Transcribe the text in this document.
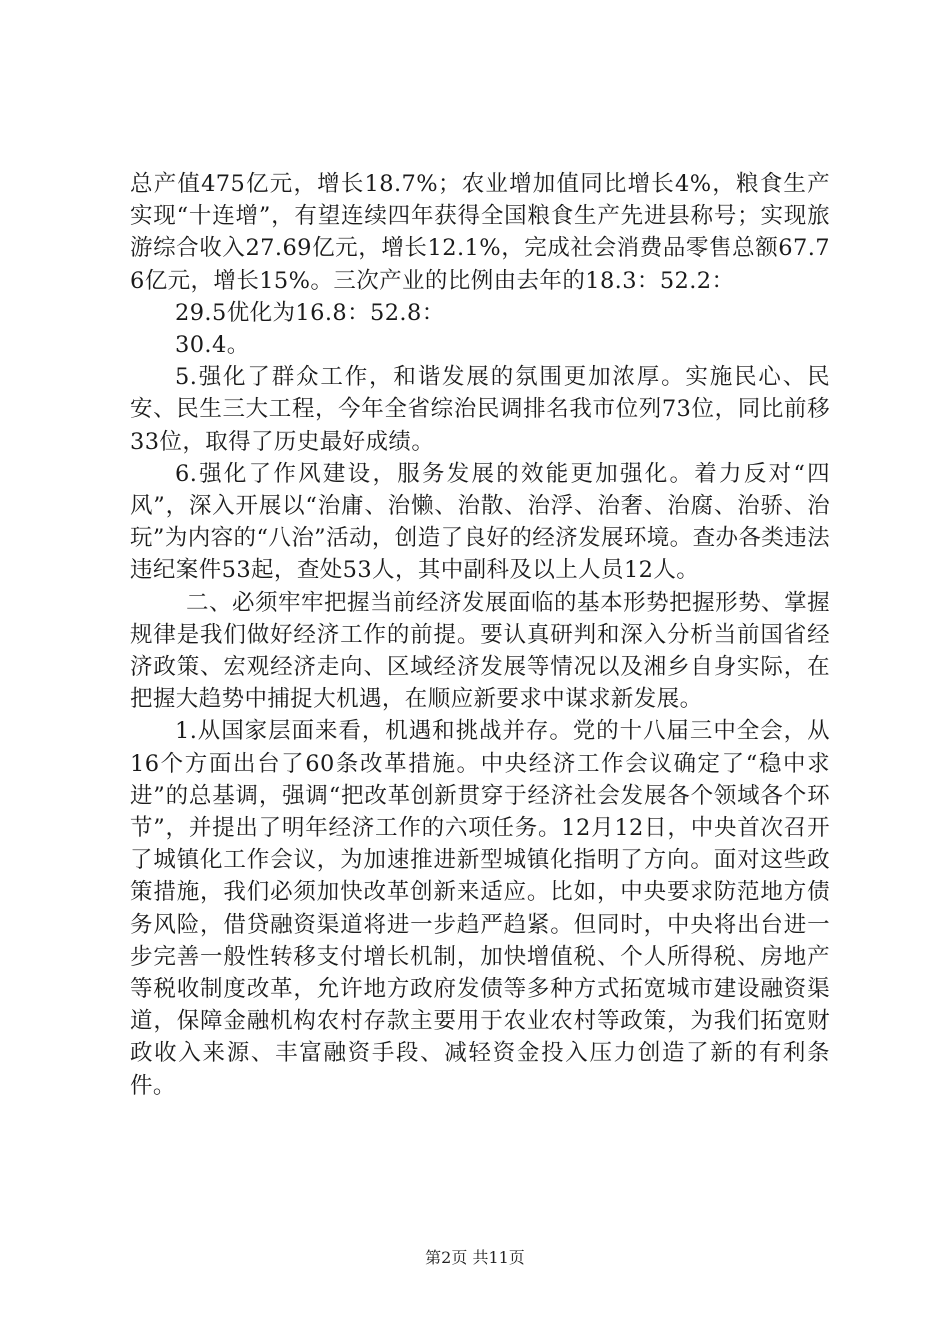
总产值475亿元，增长18.7%；农业增加值同比增长4%，粮食生产实现“十连增”，有望连续四年获得全国粮食生产先进县称号；实现旅游综合收入27.69亿元，增长12.1%，完成社会消费品零售总额67.76亿元，增长15%。三次产业的比例由去年的18.3：52.2：

29.5优化为16.8：52.8：

30.4。

5.强化了群众工作，和谐发展的氛围更加浓厚。实施民心、民安、民生三大工程，今年全省综治民调排名我市位列73位，同比前移33位，取得了历史最好成绩。

6.强化了作风建设，服务发展的效能更加强化。着力反对“四风”，深入开展以“治庸、治懒、治散、治浮、治奢、治腐、治骄、治玩”为内容的“八治”活动，创造了良好的经济发展环境。查办各类违法违纪案件53起，查处53人，其中副科及以上人员12人。

二、必须牢牢把握当前经济发展面临的基本形势把握形势、掌握规律是我们做好经济工作的前提。要认真研判和深入分析当前国省经济政策、宏观经济走向、区域经济发展等情况以及湘乡自身实际，在把握大趋势中捕捉大机遇，在顺应新要求中谋求新发展。

1.从国家层面来看，机遇和挑战并存。党的十八届三中全会，从16个方面出台了60条改革措施。中央经济工作会议确定了“稳中求进”的总基调，强调“把改革创新贯穿于经济社会发展各个领域各个环节”，并提出了明年经济工作的六项任务。12月12日，中央首次召开了城镇化工作会议，为加速推进新型城镇化指明了方向。面对这些政策措施，我们必须加快改革创新来适应。比如，中央要求防范地方债务风险，借贷融资渠道将进一步趋严趋紧。但同时，中央将出台进一步完善一般性转移支付增长机制，加快增值税、个人所得税、房地产等税收制度改革，允许地方政府发债等多种方式拓宽城市建设融资渠道，保障金融机构农村存款主要用于农业农村等政策，为我们拓宽财政收入来源、丰富融资手段、减轻资金投入压力创造了新的有利条件。

第2页 共11页
